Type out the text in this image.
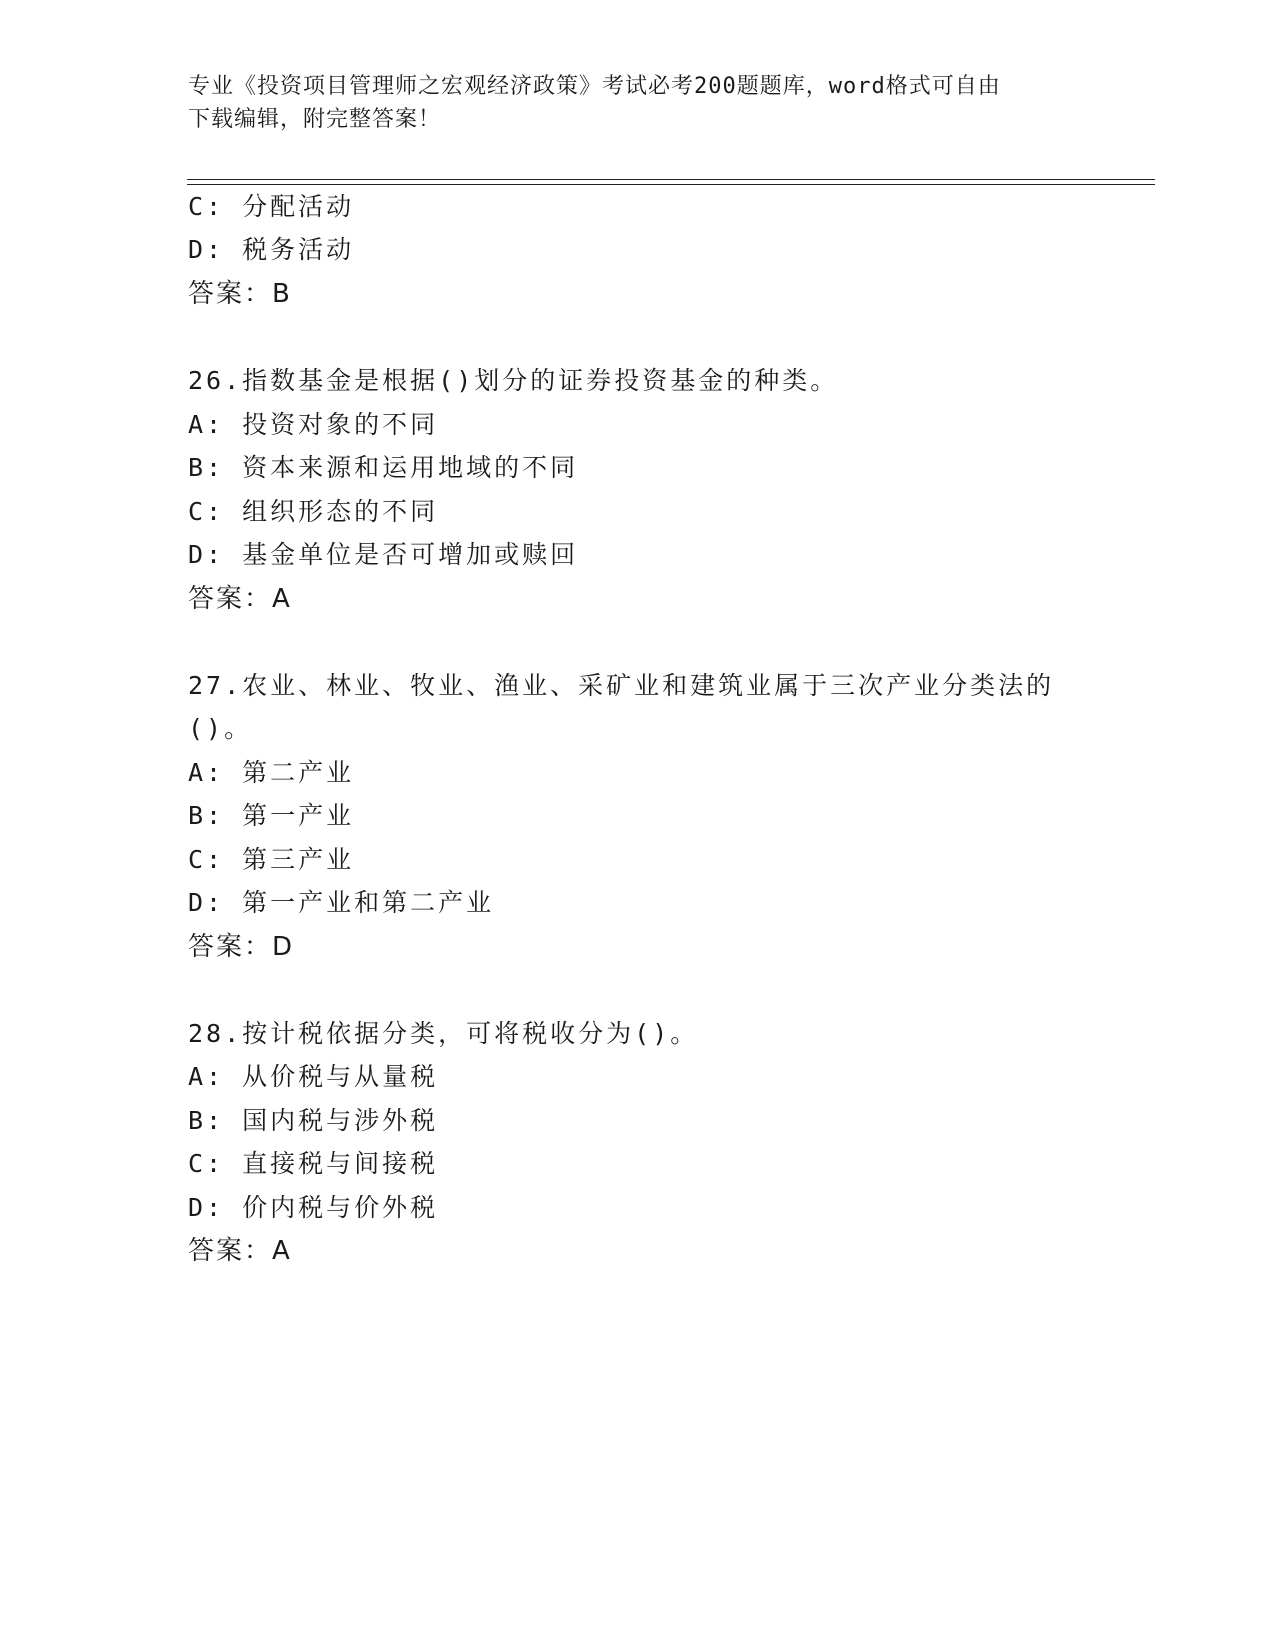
专业《投资项目管理师之宏观经济政策》考试必考200题题库，word格式可自由
下载编辑，附完整答案！
C: 分配活动
D: 税务活动
答案：B
26.指数基金是根据()划分的证券投资基金的种类。
A: 投资对象的不同
B: 资本来源和运用地域的不同
C: 组织形态的不同
D: 基金单位是否可增加或赎回
答案：A
27.农业、林业、牧业、渔业、采矿业和建筑业属于三次产业分类法的
()。
A: 第二产业
B: 第一产业
C: 第三产业
D: 第一产业和第二产业
答案：D
28.按计税依据分类，可将税收分为()。
A: 从价税与从量税
B: 国内税与涉外税
C: 直接税与间接税
D: 价内税与价外税
答案：A
